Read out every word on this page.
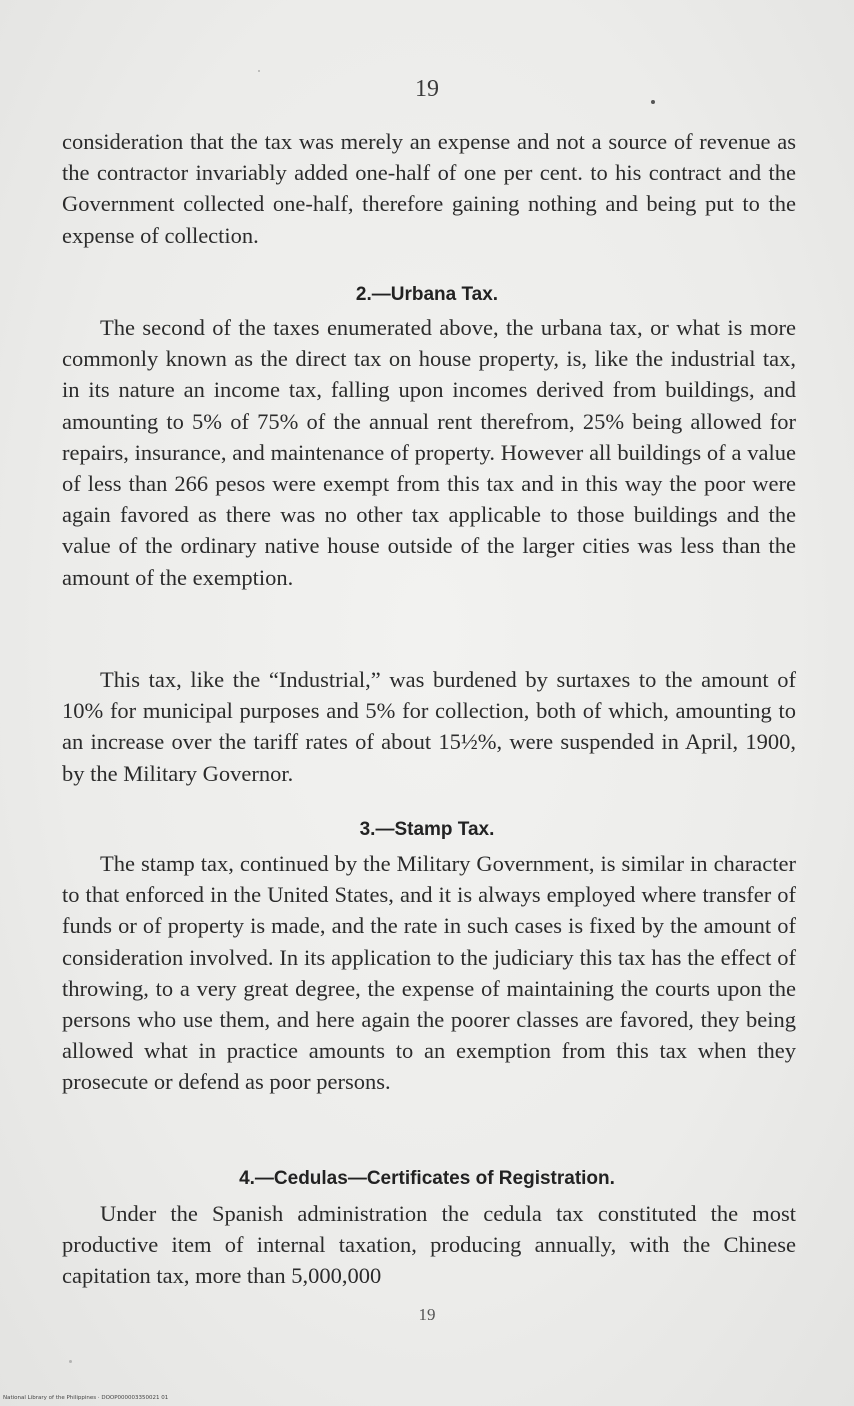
19

consideration that the tax was merely an expense and not a source of revenue as the contractor invariably added one-half of one per cent. to his contract and the Government collected one-half, therefore gaining nothing and being put to the expense of collection.

2.—Urbana Tax.

The second of the taxes enumerated above, the urbana tax, or what is more commonly known as the direct tax on house property, is, like the industrial tax, in its nature an income tax, falling upon incomes derived from buildings, and amounting to 5% of 75% of the annual rent therefrom, 25% being allowed for repairs, insurance, and maintenance of property. However all buildings of a value of less than 266 pesos were exempt from this tax and in this way the poor were again favored as there was no other tax applicable to those buildings and the value of the ordinary native house outside of the larger cities was less than the amount of the exemption.

This tax, like the “Industrial,” was burdened by surtaxes to the amount of 10% for municipal purposes and 5% for collection, both of which, amounting to an increase over the tariff rates of about 15½%, were suspended in April, 1900, by the Military Governor.

3.—Stamp Tax.

The stamp tax, continued by the Military Government, is similar in character to that enforced in the United States, and it is always employed where transfer of funds or of property is made, and the rate in such cases is fixed by the amount of consideration involved. In its application to the judiciary this tax has the effect of throwing, to a very great degree, the expense of maintaining the courts upon the persons who use them, and here again the poorer classes are favored, they being allowed what in practice amounts to an exemption from this tax when they prosecute or defend as poor persons.

4.—Cedulas—Certificates of Registration.

Under the Spanish administration the cedula tax constituted the most productive item of internal taxation, producing annually, with the Chinese capitation tax, more than 5,000,000

19
National Library of the Philippines · DOOP000003350021 01
